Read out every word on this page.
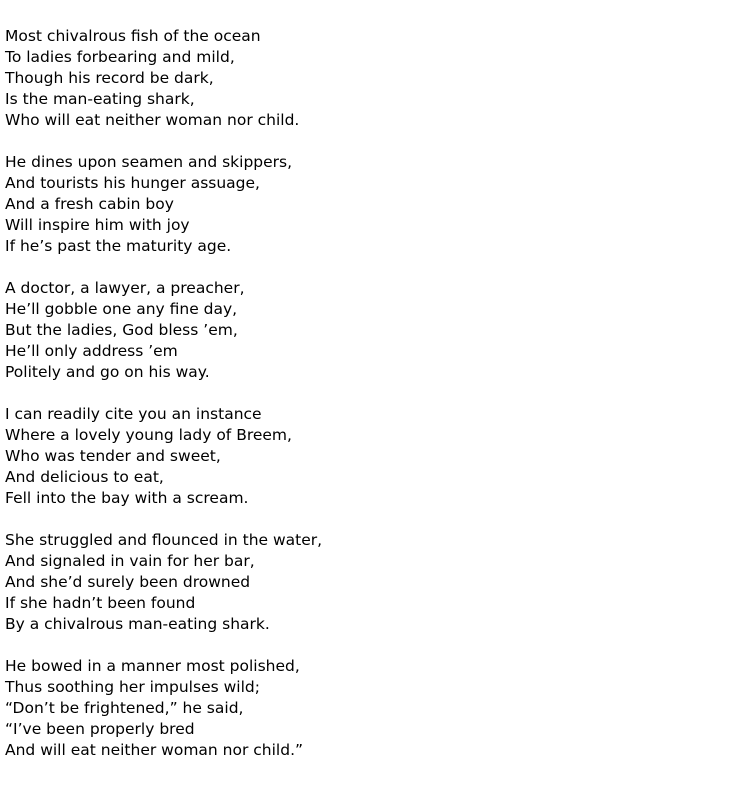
Most chivalrous fish of the ocean
To ladies forbearing and mild,
Though his record be dark,
Is the man-eating shark,
Who will eat neither woman nor child.
He dines upon seamen and skippers,
And tourists his hunger assuage,
And a fresh cabin boy
Will inspire him with joy
If he’s past the maturity age.
A doctor, a lawyer, a preacher,
He’ll gobble one any fine day,
But the ladies, God bless ’em,
He’ll only address ’em
Politely and go on his way.
I can readily cite you an instance
Where a lovely young lady of Breem,
Who was tender and sweet,
And delicious to eat,
Fell into the bay with a scream.
She struggled and flounced in the water,
And signaled in vain for her bar,
And she’d surely been drowned
If she hadn’t been found
By a chivalrous man-eating shark.
He bowed in a manner most polished,
Thus soothing her impulses wild;
“Don’t be frightened,” he said,
“I’ve been properly bred
And will eat neither woman nor child.”
